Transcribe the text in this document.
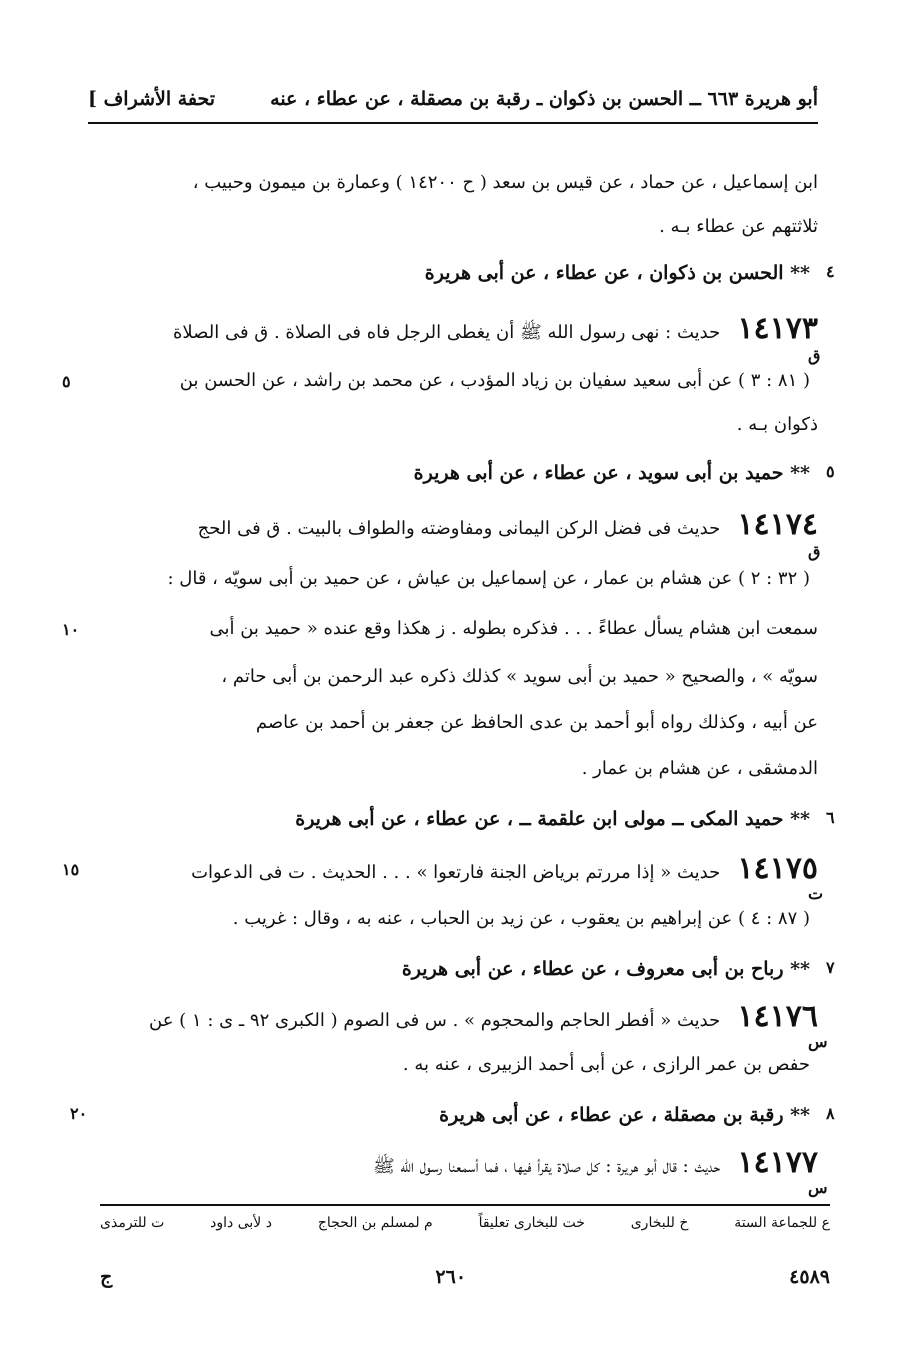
[ تحفة الأشراف	أبو هريرة ٦٦٣ ــ الحسن بن ذكوان ـ رقبة بن مصقلة ، عن عطاء ، عنه
ابن إسماعيل ، عن حماد ، عن قيس بن سعد ( ح ١٤٢٠٠ ) وعمارة بن ميمون وحبيب ،
ثلاثتهم عن عطاء بـه .
٤
** الحسن بن ذكوان ، عن عطاء ، عن أبى هريرة
١٤١٧٣   حديث : نهى رسول الله ﷺ أن يغطى الرجل فاه فى الصلاة . ق فى الصلاة
ق
( ٨١ : ٣ ) عن أبى سعيد سفيان بن زياد المؤدب ، عن محمد بن راشد ، عن الحسن بن
٥
ذكوان بـه .
٥
** حميد بن أبى سويد ، عن عطاء ، عن أبى هريرة
١٤١٧٤   حديث فى فضل الركن اليمانى ومفاوضته والطواف بالبيت . ق فى الحج
ق
( ٣٢ : ٢ ) عن هشام بن عمار ، عن إسماعيل بن عياش ، عن حميد بن أبى سويّه ، قال :
سمعت ابن هشام يسأل عطاءً . . . فذكره بطوله . ز هكذا وقع عنده « حميد بن أبى
١٠
سويّه » ، والصحيح « حميد بن أبى سويد » كذلك ذكره عبد الرحمن بن أبى حاتم ،
عن أبيه ، وكذلك رواه أبو أحمد بن عدى الحافظ عن جعفر بن أحمد بن عاصم
الدمشقى ، عن هشام بن عمار .
٦
** حميد المكى ــ مولى ابن علقمة ــ ، عن عطاء ، عن أبى هريرة
١٤١٧٥   حديث « إذا مررتم برياض الجنة فارتعوا » . . . الحديث . ت فى الدعوات
١٥
ت
( ٨٧ : ٤ ) عن إبراهيم بن يعقوب ، عن زيد بن الحباب ، عنه به ، وقال : غريب .
٧
** رباح بن أبى معروف ، عن عطاء ، عن أبى هريرة
١٤١٧٦   حديث « أفطر الحاجم والمحجوم » . س فى الصوم ( الكبرى ٩٢ ـ ى : ١ ) عن
س
حفص بن عمر الرازى ، عن أبى أحمد الزبيرى ، عنه به .
٨
** رقبة بن مصقلة ، عن عطاء ، عن أبى هريرة
٢٠
١٤١٧٧   حديث : قال أبو هريرة : كل صلاة يقرأ فيها ، فما أسمعنا رسول الله ﷺ
س
ع للجماعة الستة
خ للبخارى
خت للبخارى تعليقاً
م لمسلم بن الحجاج
د لأبى داود
ت للترمذى
ج	٢٦٠	٤٥٨٩
